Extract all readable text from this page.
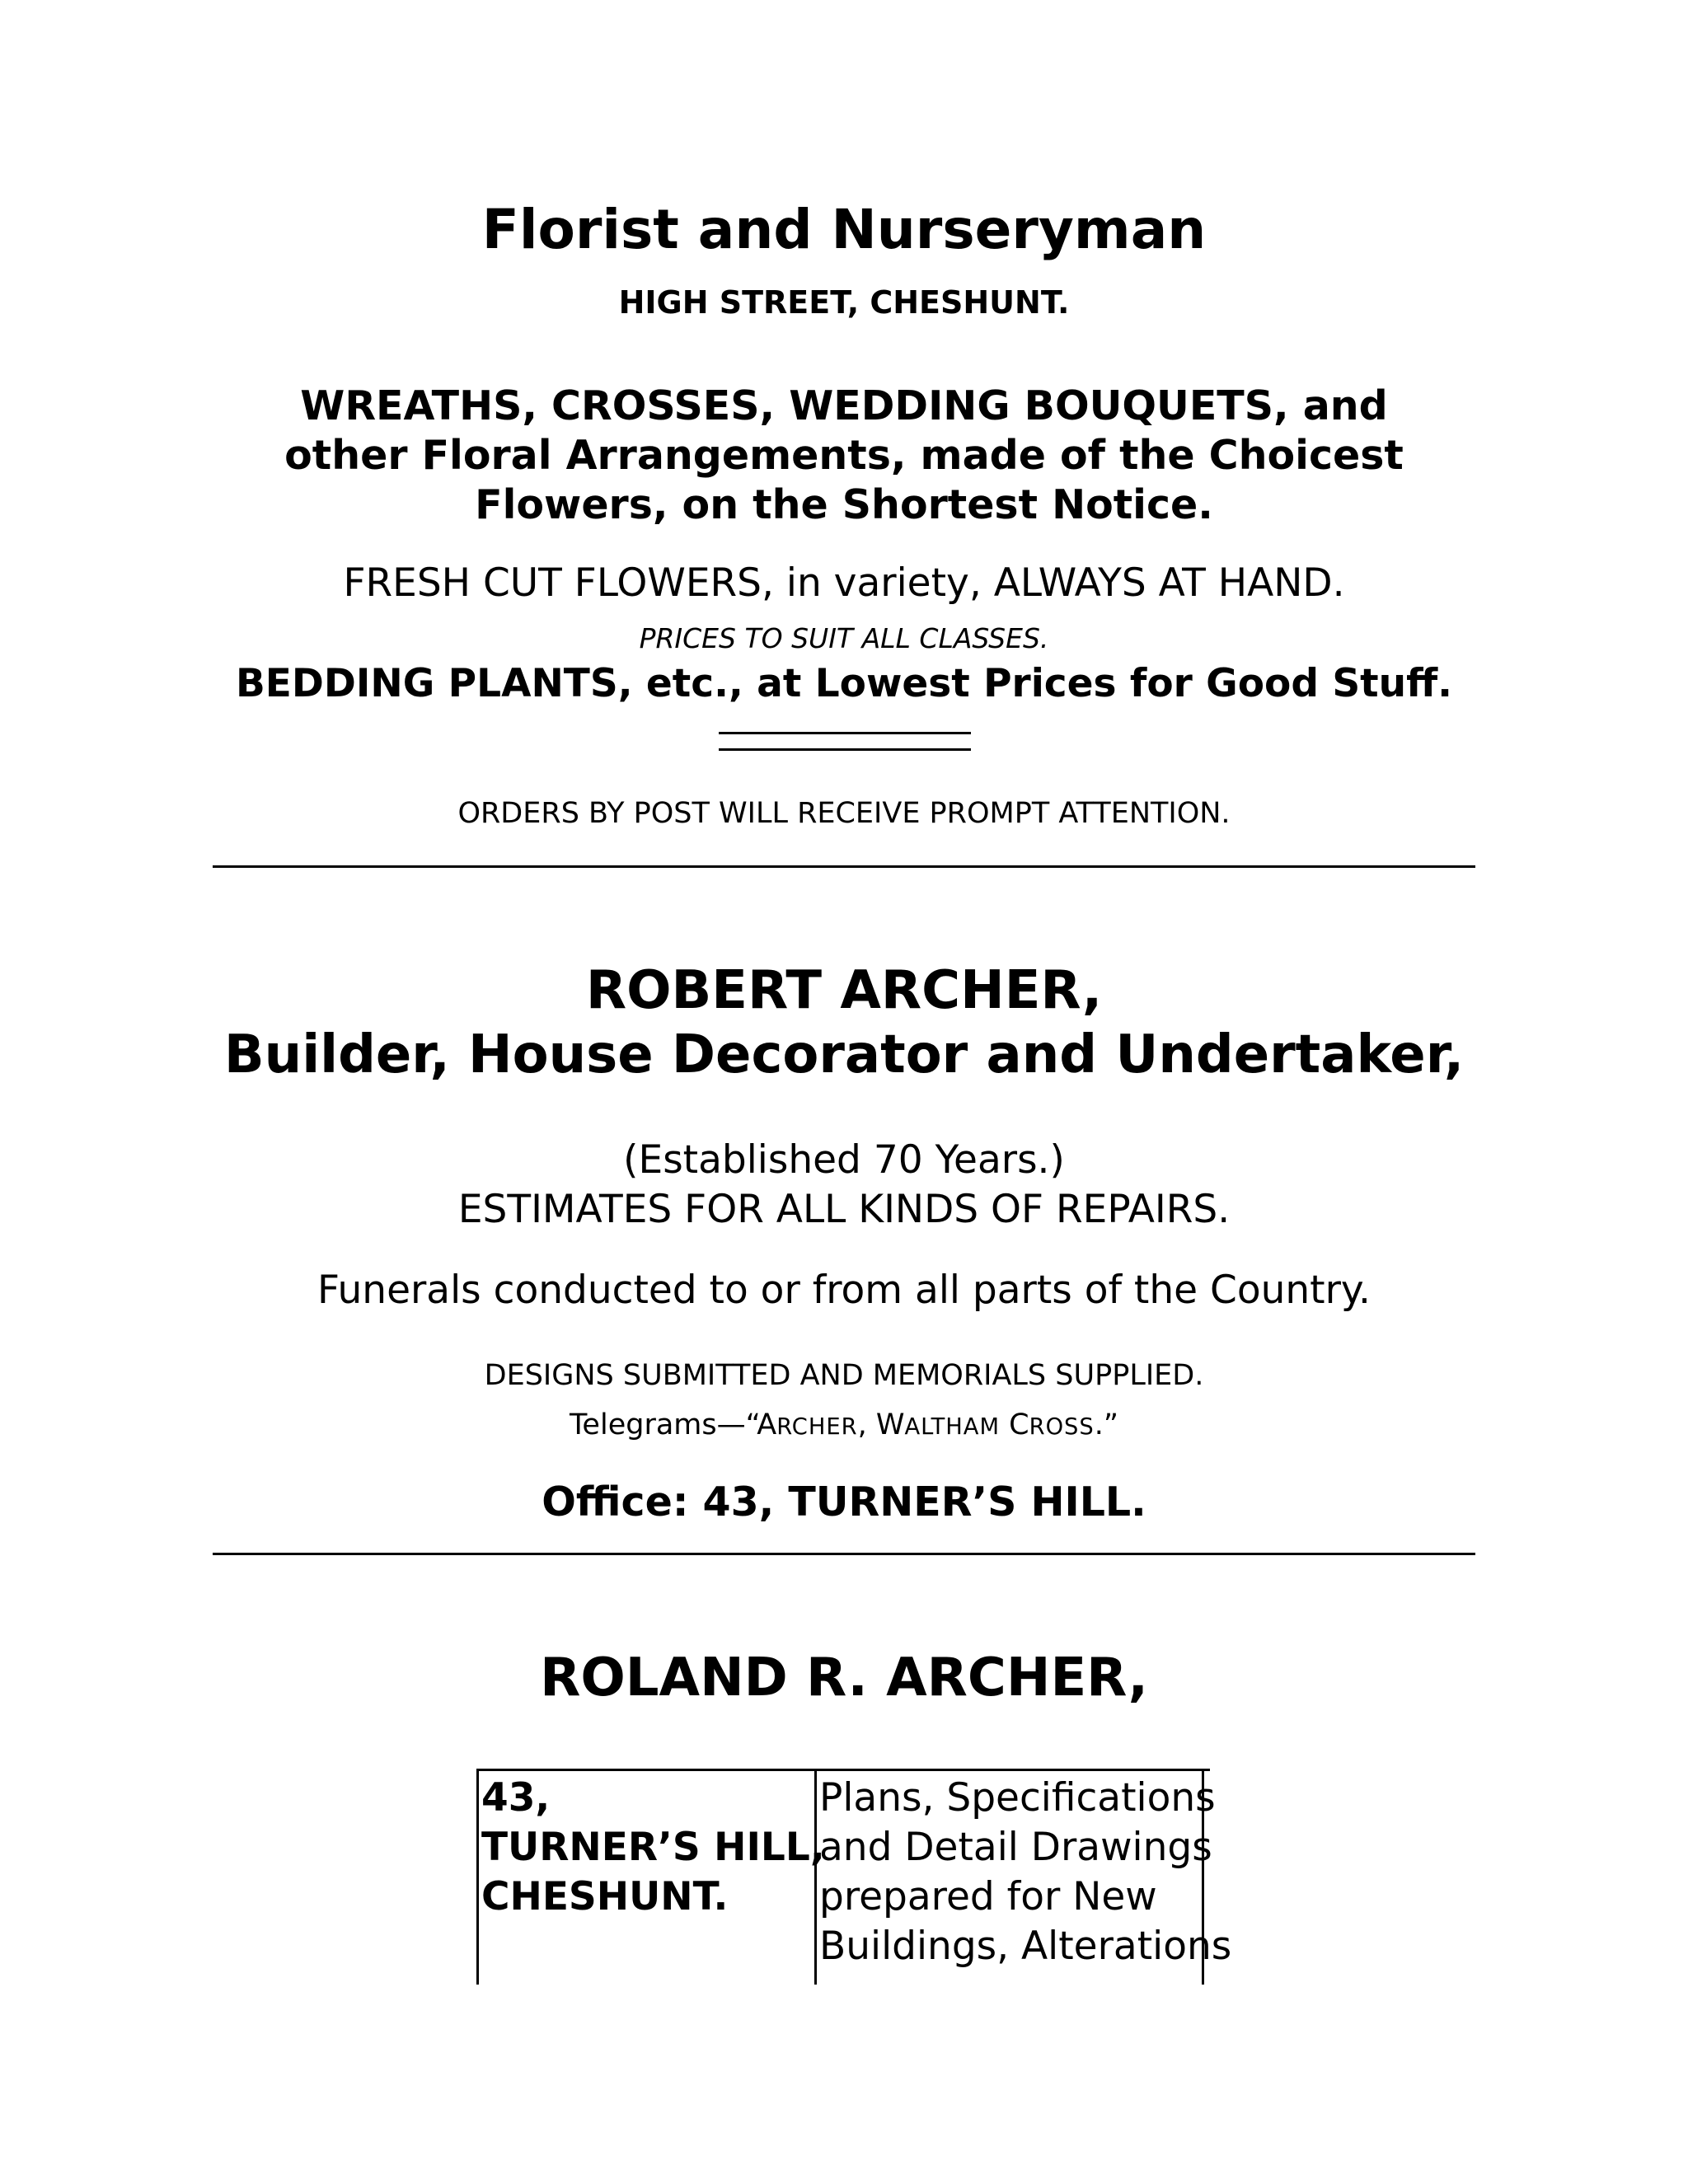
Florist and Nurseryman
HIGH STREET, CHESHUNT.
WREATHS, CROSSES, WEDDING BOUQUETS, and
other Floral Arrangements, made of the Choicest
Flowers, on the Shortest Notice.
FRESH CUT FLOWERS, in variety, ALWAYS AT HAND.
PRICES TO SUIT ALL CLASSES.
BEDDING PLANTS, etc., at Lowest Prices for Good Stuff.
ORDERS BY POST WILL RECEIVE PROMPT ATTENTION.
ROBERT ARCHER,
Builder, House Decorator and Undertaker,
(Established 70 Years.)
ESTIMATES FOR ALL KINDS OF REPAIRS.
Funerals conducted to or from all parts of the Country.
DESIGNS SUBMITTED AND MEMORIALS SUPPLIED.
Telegrams—“ARCHER, WALTHAM CROSS.”
Office: 43, TURNER’S HILL.
ROLAND R. ARCHER,
43,
TURNER’S HILL,
CHESHUNT.
Plans, Specifications
and Detail Drawings
prepared for New
Buildings, Alterations
